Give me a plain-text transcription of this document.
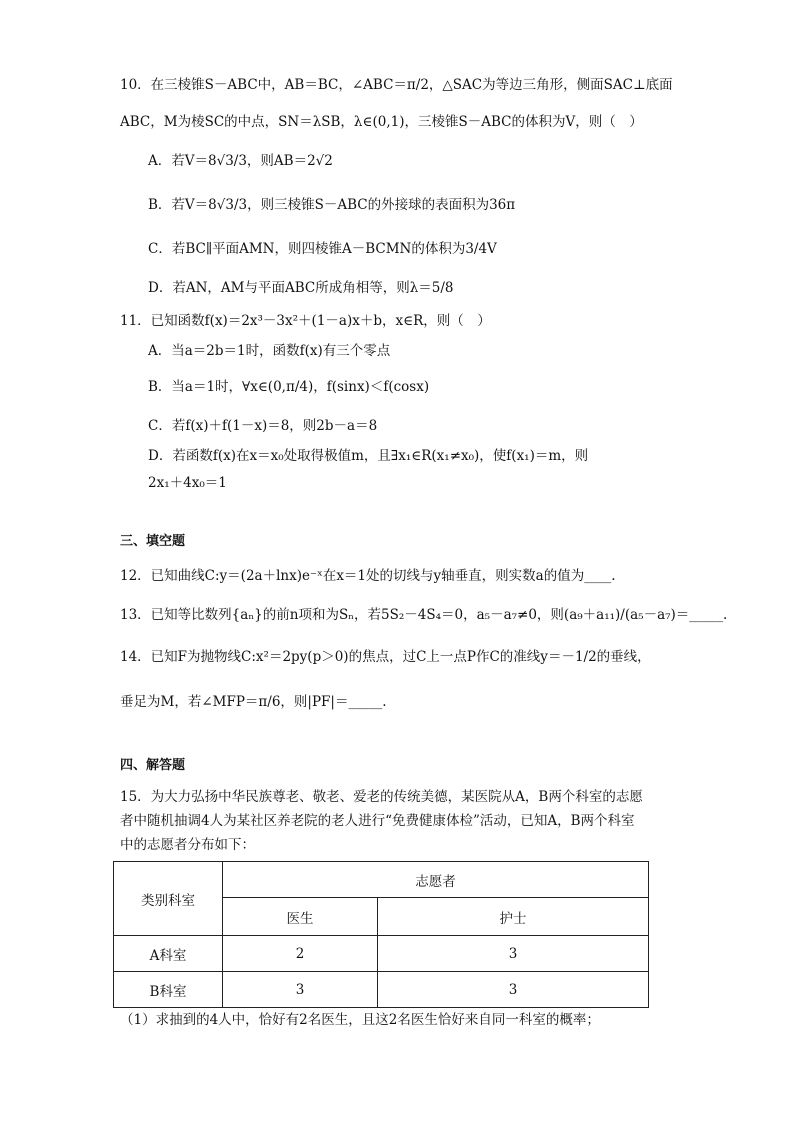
10．在三棱锥S－ABC中，AB＝BC，∠ABC＝π/2，△SAC为等边三角形，侧面SAC⊥底面
ABC，M为棱SC的中点，SN＝λSB，λ∈(0,1)，三棱锥S－ABC的体积为V，则（　）
A．若V＝8√3/3，则AB＝2√2
B．若V＝8√3/3，则三棱锥S－ABC的外接球的表面积为36π
C．若BC∥平面AMN，则四棱锥A－BCMN的体积为3/4V
D．若AN，AM与平面ABC所成角相等，则λ＝5/8
11．已知函数f(x)＝2x³－3x²＋(1－a)x＋b，x∈R，则（　）
A．当a＝2b＝1时，函数f(x)有三个零点
B．当a＝1时，∀x∈(0,π/4)，f(sinx)＜f(cosx)
C．若f(x)＋f(1－x)＝8，则2b－a＝8
D．若函数f(x)在x＝x₀处取得极值m，且∃x₁∈R(x₁≠x₀)，使f(x₁)＝m，则
2x₁＋4x₀＝1
三、填空题
12．已知曲线C:y＝(2a＋lnx)e⁻ˣ在x＝1处的切线与y轴垂直，则实数a的值为____.
13．已知等比数列{aₙ}的前n项和为Sₙ，若5S₂－4S₄＝0，a₅－a₇≠0，则(a₉＋a₁₁)/(a₅－a₇)＝_____.
14．已知F为抛物线C:x²＝2py(p＞0)的焦点，过C上一点P作C的准线y＝－1/2的垂线，
垂足为M，若∠MFP＝π/6，则|PF|＝_____.
四、解答题
15．为大力弘扬中华民族尊老、敬老、爱老的传统美德，某医院从A，B两个科室的志愿
者中随机抽调4人为某社区养老院的老人进行“免费健康体检”活动，已知A，B两个科室
中的志愿者分布如下：
类别科室	志愿者	
	医生	护士
A科室	2	3
B科室	3	3
（1）求抽到的4人中，恰好有2名医生，且这2名医生恰好来自同一科室的概率；
